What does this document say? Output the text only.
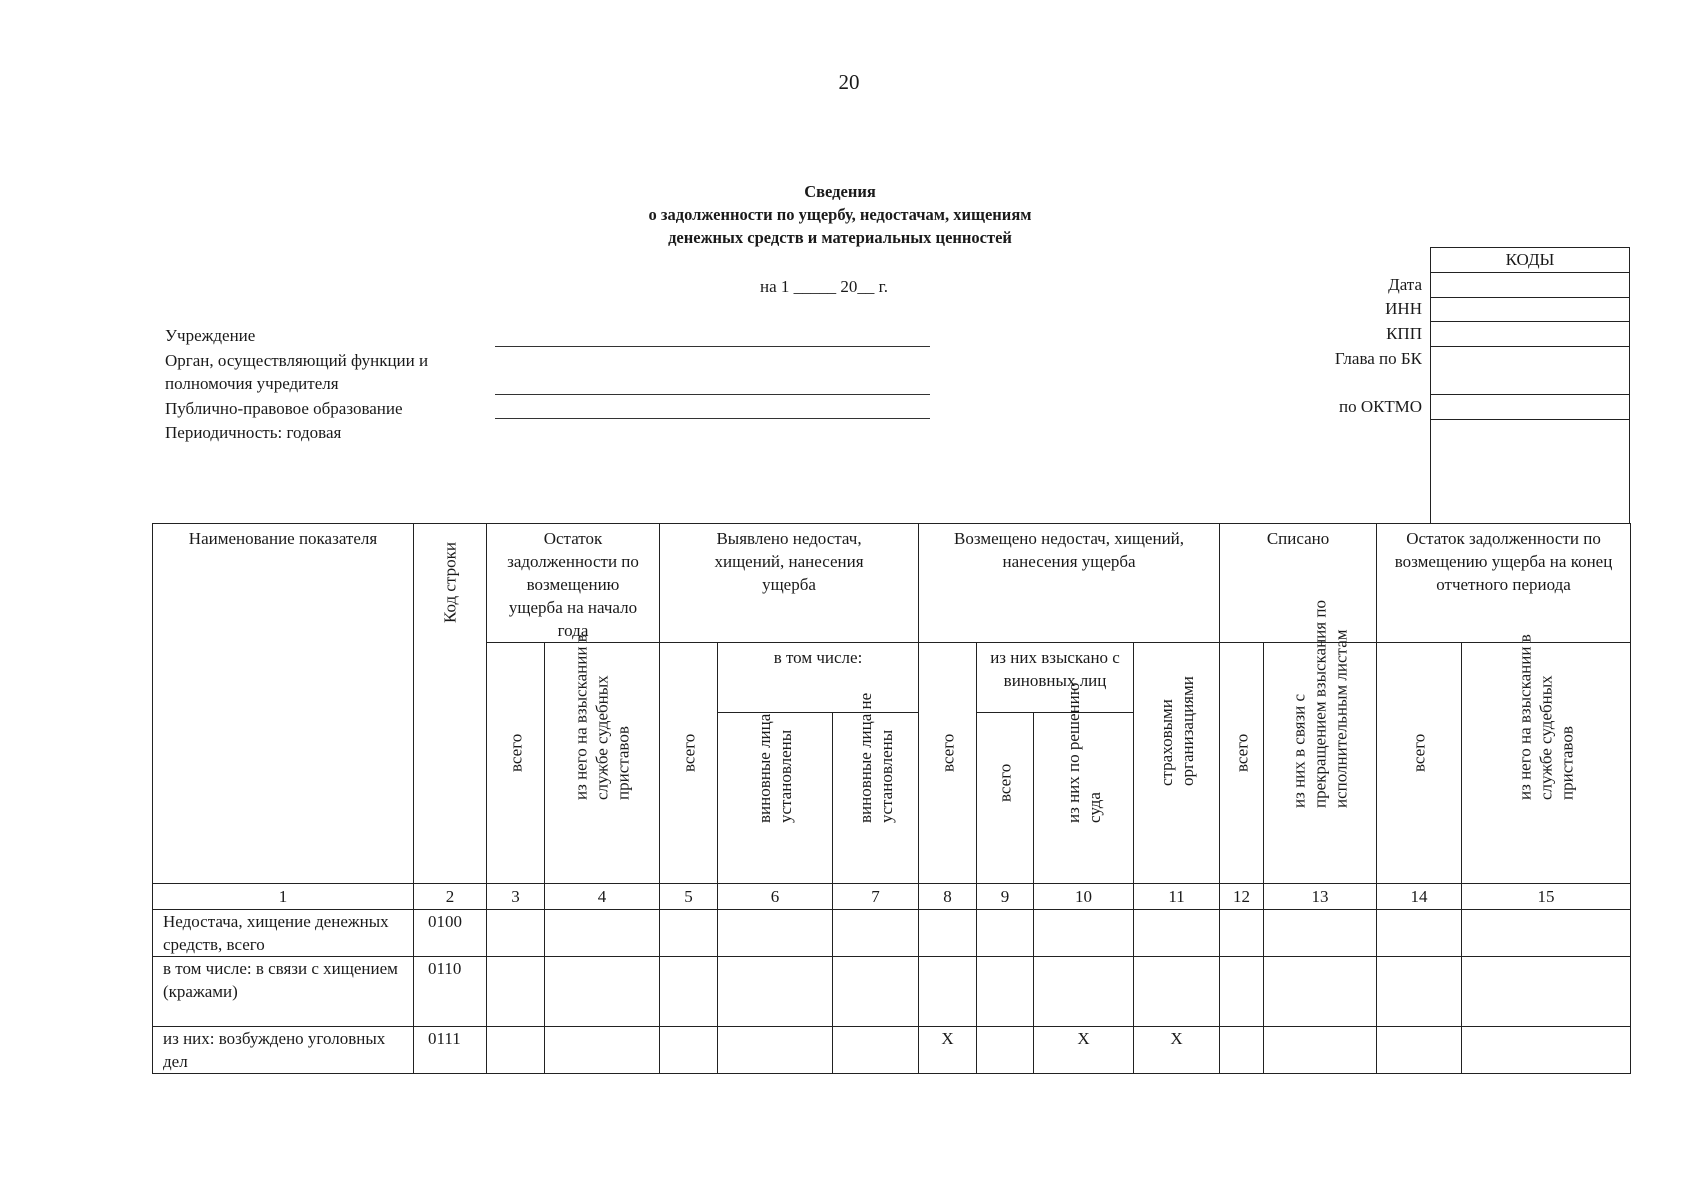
20
Сведения
о задолженности по ущербу, недостачам, хищениям
денежных средств и материальных ценностей
на 1 _____ 20__ г.
Учреждение
Орган, осуществляющий функции и
полномочия учредителя
Публично-правовое образование
Периодичность: годовая
КОДЫ
Дата
ИНН
КПП
Глава по БК
по ОКТМО
Наименование показателя	Код строки	Остаток задолженности по возмещению ущерба на начало года		Выявлено недостач, хищений, нанесения ущерба			Возмещено недостач, хищений, нанесения ущерба				Списано		Остаток задолженности по возмещению ущерба на конец отчетного периода	

		всего	из него на взыскании в службе судебных приставов	всего	в том числе:		всего	из них взыскано с виновных лиц		страховыми организациями	всего	из них в связи с прекращением взыскания по исполнительным листам	всего	из него на взыскании в службе судебных приставов

					виновные лица установлены	виновные лица не установлены		всего	из них по решению суда					

1	2	3	4	5	6	7	8	9	10	11	12	13	14	15
Недостача, хищение денежных средств, всего	0100													
в том числе: в связи с хищением (кражами)	0110													
из них: возбуждено уголовных дел	0111						X		X	X				
